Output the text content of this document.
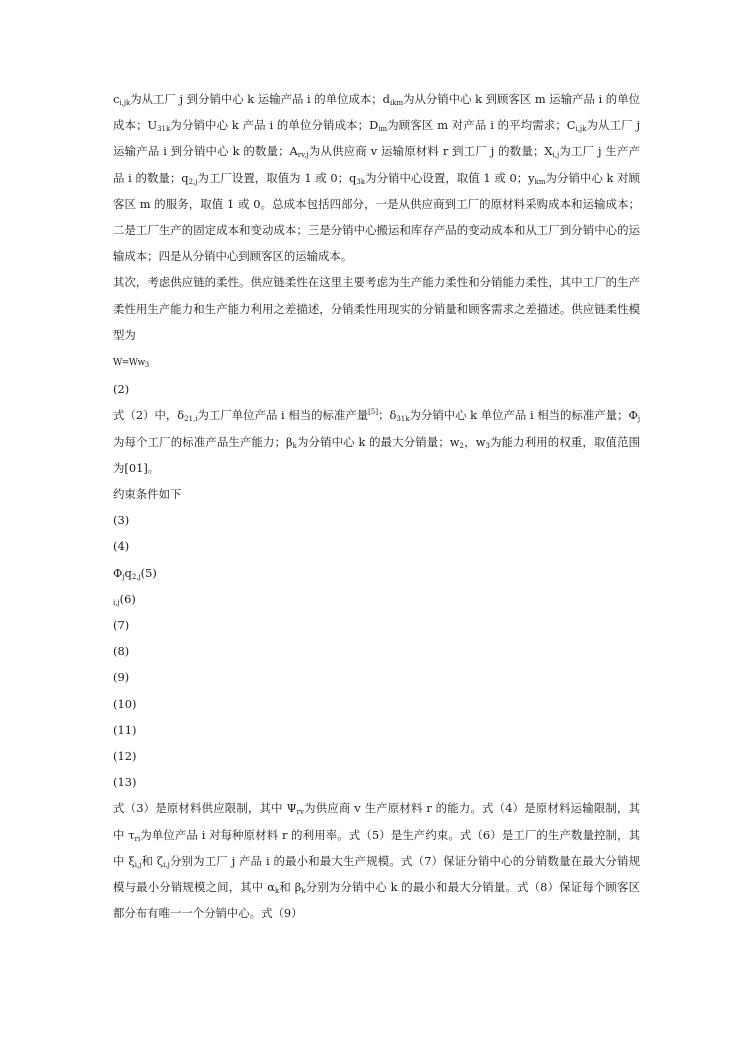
$c_{i,jk}$为从工厂 j 到分销中心 k 运输产品 i 的单位成本；$d_{ikm}$为从分销中心 k 到顾客区 m 运输产品 i 的单位成本；$U_{31k}$为分销中心 k 产品 i 的单位分销成本；$D_{im}$为顾客区 m 对产品 i 的平均需求；$C_{i,jk}$为从工厂 j 运输产品 i 到分销中心 k 的数量；$A_{rv,j}$为从供应商 v 运输原材料 r 到工厂 j 的数量；$X_{i,j}$为工厂 j 生产产品 i 的数量；$q_{2,j}$为工厂设置，取值为 1 或 0；$q_{3k}$为分销中心设置，取值 1 或 0；$y_{km}$为分销中心 k 对顾客区 m 的服务，取值 1 或 0。总成本包括四部分，一是从供应商到工厂的原材料采购成本和运输成本；二是工厂生产的固定成本和变动成本；三是分销中心搬运和库存产品的变动成本和从工厂到分销中心的运输成本；四是从分销中心到顾客区的运输成本。

其次，考虑供应链的柔性。供应链柔性在这里主要考虑为生产能力柔性和分销能力柔性，其中工厂的生产柔性用生产能力和生产能力利用之差描述，分销柔性用现实的分销量和顾客需求之差描述。供应链柔性模型为

$W=Ww_3$

(2)

式（2）中，$\delta_{21,i}$为工厂单位产品 i 相当的标准产量[5]；$\delta_{31k}$为分销中心 k 单位产品 i 相当的标准产量；$\Phi_j$为每个工厂的标准产品生产能力；$\beta_k$为分销中心 k 的最大分销量；$w_2$，$w_3$为能力利用的权重，取值范围为[01]。

约束条件如下

(3)

(4)

$\Phi_jq_{2,j}(5)$

$_{i,j}$(6)

(7)

(8)

(9)

(10)

(11)

(12)

(13)

式（3）是原材料供应限制，其中 $\Psi_{rv}$为供应商 v 生产原材料 r 的能力。式（4）是原材料运输限制，其中 $\tau_{ri}$为单位产品 i 对每种原材料 r 的利用率。式（5）是生产约束。式（6）是工厂的生产数量控制，其中 $\xi_{i,j}$和 $\zeta_{i,j}$分别为工厂 j 产品 i 的最小和最大生产规模。式（7）保证分销中心的分销数量在最大分销规模与最小分销规模之间，其中 $\alpha_k$和 $\beta_k$分别为分销中心 k 的最小和最大分销量。式（8）保证每个顾客区都分布有唯一一个分销中心。式（9）
